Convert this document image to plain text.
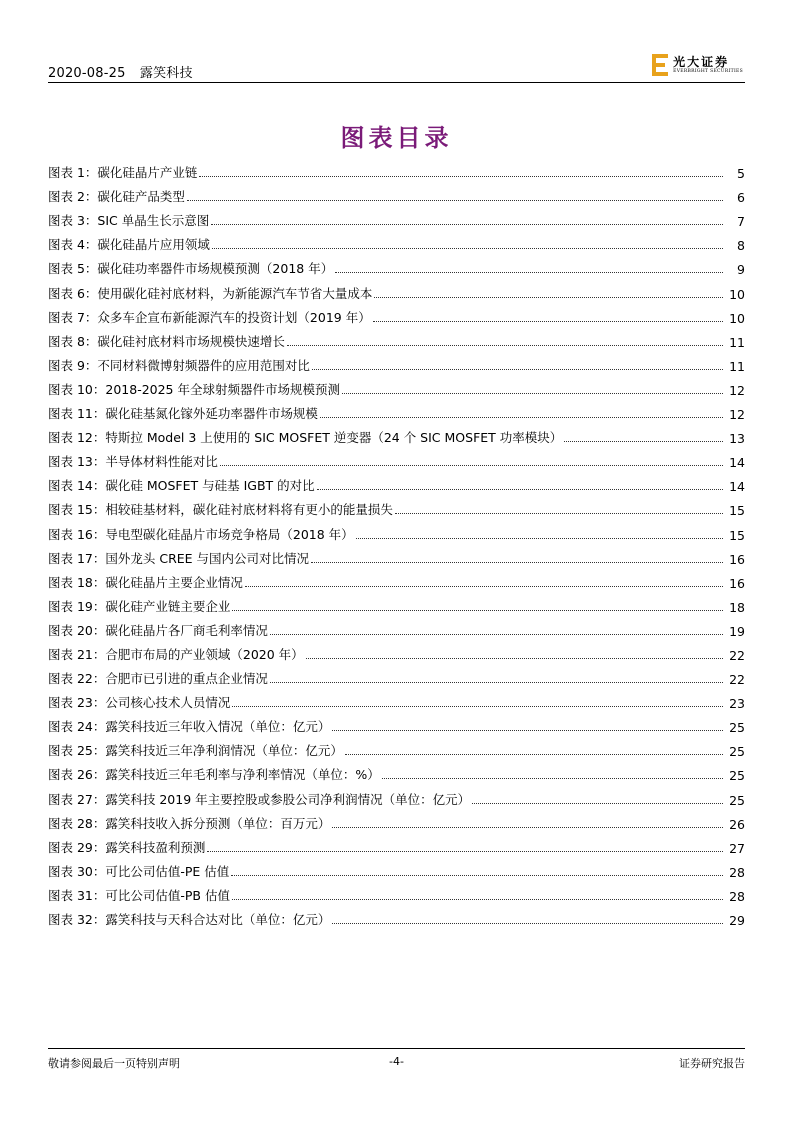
2020-08-25 露笑科技
光大证券
EVERBRIGHT SECURITIES
图表目录
图表 1：碳化硅晶片产业链	5
图表 2：碳化硅产品类型	6
图表 3：SIC 单晶生长示意图	7
图表 4：碳化硅晶片应用领域	8
图表 5：碳化硅功率器件市场规模预测（2018 年）	9
图表 6：使用碳化硅衬底材料，为新能源汽车节省大量成本	10
图表 7：众多车企宣布新能源汽车的投资计划（2019 年）	10
图表 8：碳化硅衬底材料市场规模快速增长	11
图表 9：不同材料微博射频器件的应用范围对比	11
图表 10：2018-2025 年全球射频器件市场规模预测	12
图表 11：碳化硅基氮化镓外延功率器件市场规模	12
图表 12：特斯拉 Model 3 上使用的 SIC MOSFET 逆变器（24 个 SIC MOSFET 功率模块）	13
图表 13：半导体材料性能对比	14
图表 14：碳化硅 MOSFET 与硅基 IGBT 的对比	14
图表 15：相较硅基材料，碳化硅衬底材料将有更小的能量损失	15
图表 16：导电型碳化硅晶片市场竞争格局（2018 年）	15
图表 17：国外龙头 CREE 与国内公司对比情况	16
图表 18：碳化硅晶片主要企业情况	16
图表 19：碳化硅产业链主要企业	18
图表 20：碳化硅晶片各厂商毛利率情况	19
图表 21：合肥市布局的产业领域（2020 年）	22
图表 22：合肥市已引进的重点企业情况	22
图表 23：公司核心技术人员情况	23
图表 24：露笑科技近三年收入情况（单位：亿元）	25
图表 25：露笑科技近三年净利润情况（单位：亿元）	25
图表 26：露笑科技近三年毛利率与净利率情况（单位：%）	25
图表 27：露笑科技 2019 年主要控股或参股公司净利润情况（单位：亿元）	25
图表 28：露笑科技收入拆分预测（单位：百万元）	26
图表 29：露笑科技盈利预测	27
图表 30：可比公司估值-PE 估值	28
图表 31：可比公司估值-PB 估值	28
图表 32：露笑科技与天科合达对比（单位：亿元）	29
敬请参阅最后一页特别声明	-4-	证券研究报告
